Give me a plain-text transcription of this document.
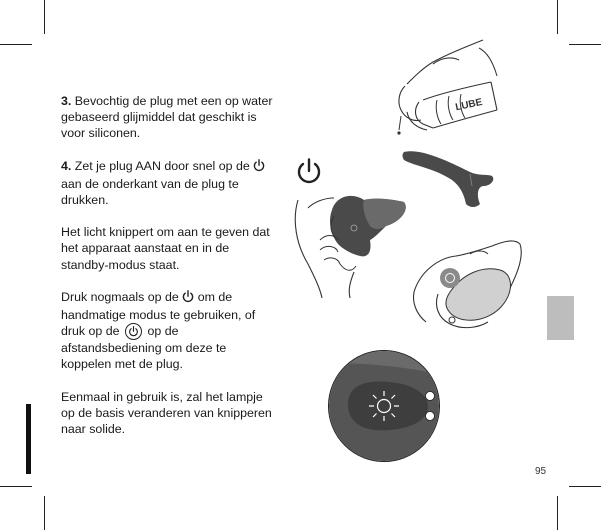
3. Bevochtig de plug met een op water gebaseerd glijmiddel dat geschikt is voor siliconen.

4. Zet je plug AAN door snel op de  aan de onderkant van de plug te drukken.

Het licht knippert om aan te geven dat het apparaat aanstaat en in de standby-modus staat.

Druk nogmaals op de om de handmatige modus te gebruiken, of druk op de op de afstandsbediening om deze te koppelen met de plug.

Eenmaal in gebruik is, zal het lampje op de basis veranderen van knipperen naar solide.

LUBE
95
